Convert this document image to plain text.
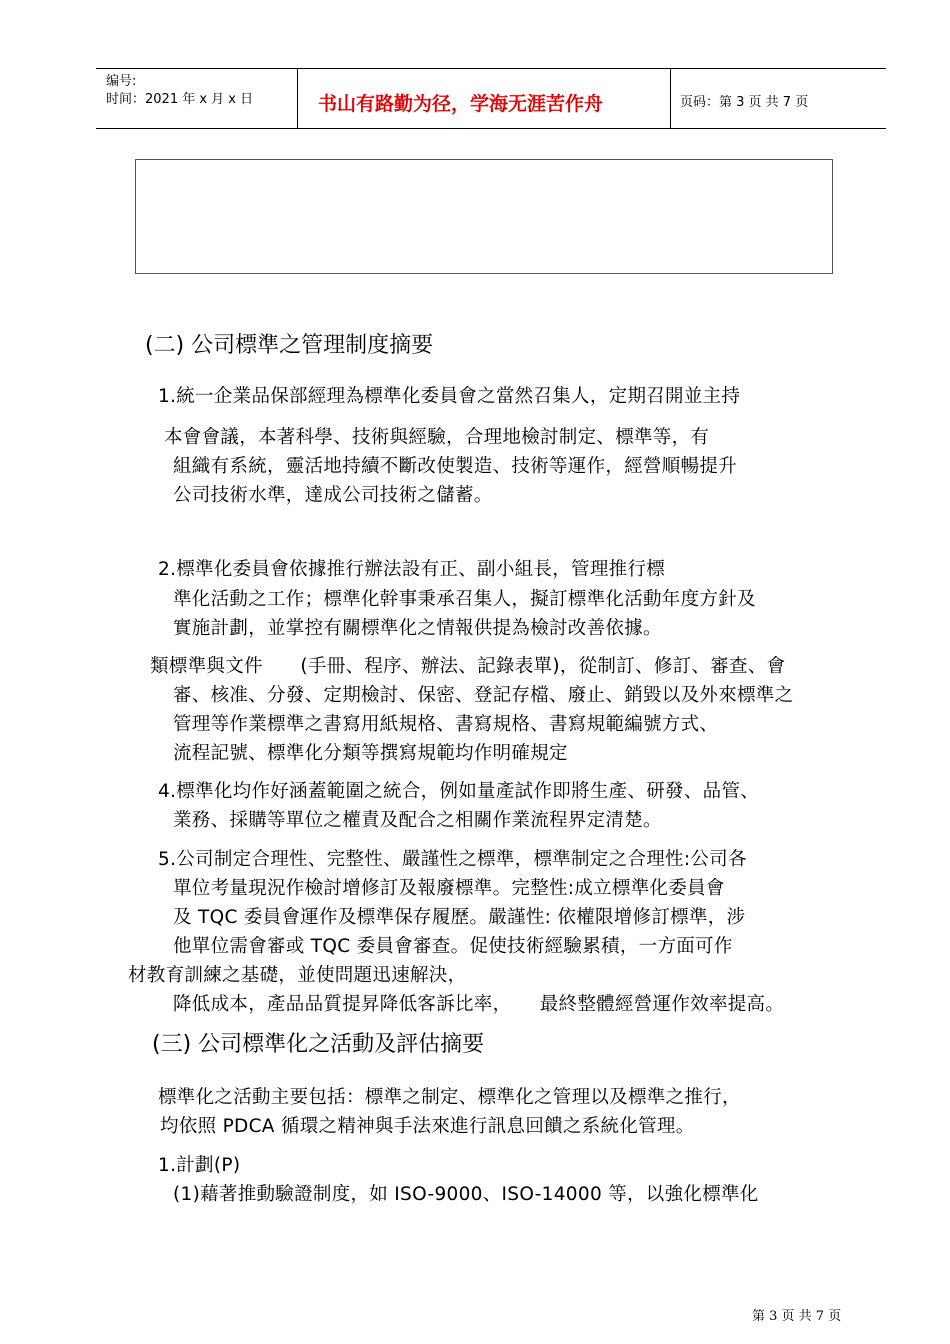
编号:
时间：2021 年 x 月 x 日	书山有路勤为径，学海无涯苦作舟	页码：第 3 页 共 7 页
(二) 公司標準之管理制度摘要
1.統一企業品保部經理為標準化委員會之當然召集人，定期召開並主持
本會會議，本著科學、技術與經驗，合理地檢討制定、標準等，有
組織有系統，靈活地持續不斷改使製造、技術等運作，經營順暢提升
公司技術水準，達成公司技術之儲蓄。
2.標準化委員會依據推行辦法設有正、副小組長，管理推行標
準化活動之工作；標準化幹事秉承召集人，擬訂標準化活動年度方針及
實施計劃，並掌控有關標準化之情報供提為檢討改善依據。
類標準與文件　　(手冊、程序、辦法、記錄表單)，從制訂、修訂、審查、會
審、核准、分發、定期檢討、保密、登記存檔、廢止、銷毀以及外來標準之
管理等作業標準之書寫用紙規格、書寫規格、書寫規範編號方式、
流程記號、標準化分類等撰寫規範均作明確規定
4.標準化均作好涵蓋範圍之統合，例如量產試作即將生產、研發、品管、
業務、採購等單位之權責及配合之相關作業流程界定清楚。
5.公司制定合理性、完整性、嚴謹性之標準，標準制定之合理性:公司各
單位考量現況作檢討增修訂及報廢標準。完整性:成立標準化委員會
及 TQC 委員會運作及標準保存履歷。嚴謹性: 依權限增修訂標準，涉
他單位需會審或 TQC 委員會審查。促使技術經驗累積，一方面可作
材教育訓練之基礎，並使問題迅速解決，
降低成本，產品品質提昇降低客訴比率，　　最終整體經營運作效率提高。
(三) 公司標準化之活動及評估摘要
標準化之活動主要包括：標準之制定、標準化之管理以及標準之推行，
均依照 PDCA 循環之精神與手法來進行訊息回饋之系統化管理。
1.計劃(P)
(1)藉著推動驗證制度，如 ISO-9000、ISO-14000 等，以強化標準化
第 3 页 共 7 页
